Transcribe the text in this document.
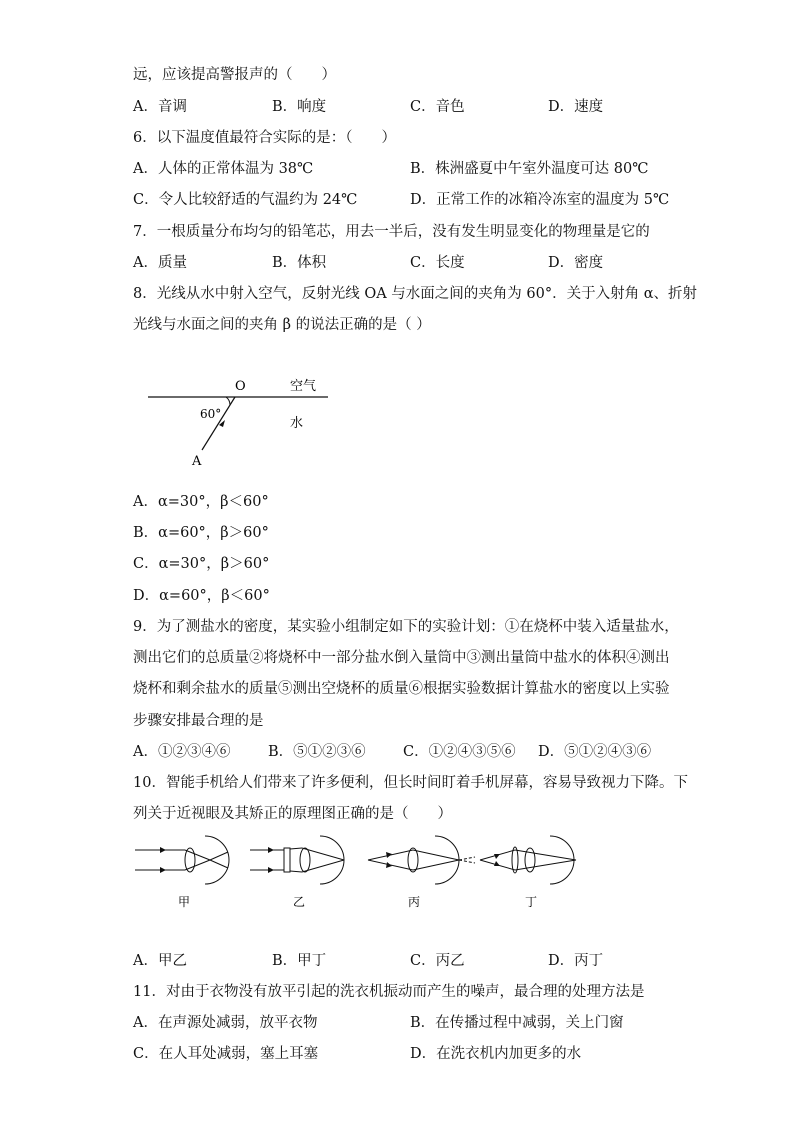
远，应该提高警报声的（　　）
A．音调	B．响度	C．音色	D．速度
6．以下温度值最符合实际的是：（　　）
A．人体的正常体温为 38℃	B．株洲盛夏中午室外温度可达 80℃
C．令人比较舒适的气温约为 24℃	D．正常工作的冰箱冷冻室的温度为 5℃
7．一根质量分布均匀的铅笔芯，用去一半后，没有发生明显变化的物理量是它的
A．质量	B．体积	C．长度	D．密度
8．光线从水中射入空气，反射光线 OA 与水面之间的夹角为 60°．关于入射角 α、折射
光线与水面之间的夹角 β 的说法正确的是（ ）
O	空气
水
60°
A
A．α=30°，β＜60°
B．α=60°，β＞60°
C．α=30°，β＞60°
D．α=60°，β＜60°
9．为了测盐水的密度，某实验小组制定如下的实验计划：①在烧杯中装入适量盐水，
测出它们的总质量②将烧杯中一部分盐水倒入量筒中③测出量筒中盐水的体积④测出
烧杯和剩余盐水的质量⑤测出空烧杯的质量⑥根据实验数据计算盐水的密度以上实验
步骤安排最合理的是
A．①②③④⑥	B．⑤①②③⑥	C．①②④③⑤⑥ D．⑤①②④③⑥
10．智能手机给人们带来了许多便利，但长时间盯着手机屏幕，容易导致视力下降。下
列关于近视眼及其矫正的原理图正确的是（　　）
甲	乙	丙	丁
A．甲乙	B．甲丁	C．丙乙	D．丙丁
11．对由于衣物没有放平引起的洗衣机振动而产生的噪声，最合理的处理方法是
A．在声源处减弱，放平衣物	B．在传播过程中减弱，关上门窗
C．在人耳处减弱，塞上耳塞	D．在洗衣机内加更多的水
